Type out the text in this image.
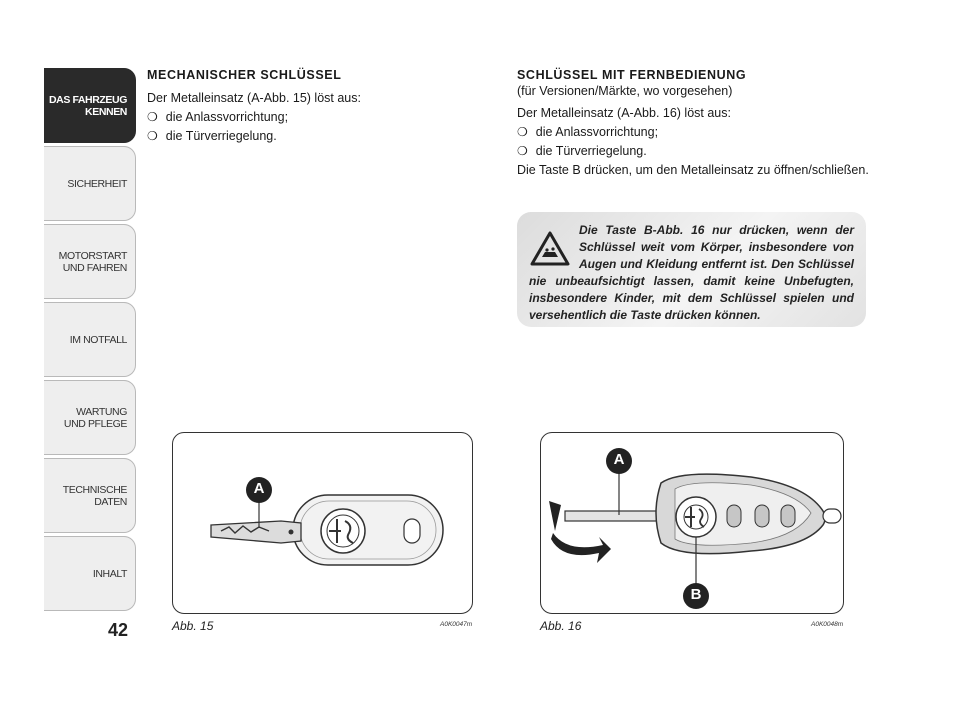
DAS FAHRZEUG
KENNEN
SICHERHEIT
MOTORSTART
UND FAHREN
IM NOTFALL
WARTUNG
UND PFLEGE
TECHNISCHE
DATEN
INHALT
42
MECHANISCHER SCHLÜSSEL

Der Metalleinsatz (A-Abb. 15) löst aus:

❍ die Anlassvorrichtung;

❍ die Türverriegelung.

SCHLÜSSEL MIT FERNBEDIENUNG

(für Versionen/Märkte, wo vorgesehen)

Der Metalleinsatz (A-Abb. 16) löst aus:

❍ die Anlassvorrichtung;

❍ die Türverriegelung.

Die Taste B drücken, um den Metalleinsatz zu öffnen/schließen.

Die Taste B-Abb. 16 nur drücken, wenn der Schlüssel weit vom Körper, insbesondere von Augen und Kleidung entfernt ist. Den Schlüssel nie unbeaufsichtigt lassen, damit keine Unbefugten, insbesondere Kinder, mit dem Schlüssel spielen und versehentlich die Taste drücken können.

A
Abb. 15	A0K0047m
A
B
Abb. 16	A0K0048m
